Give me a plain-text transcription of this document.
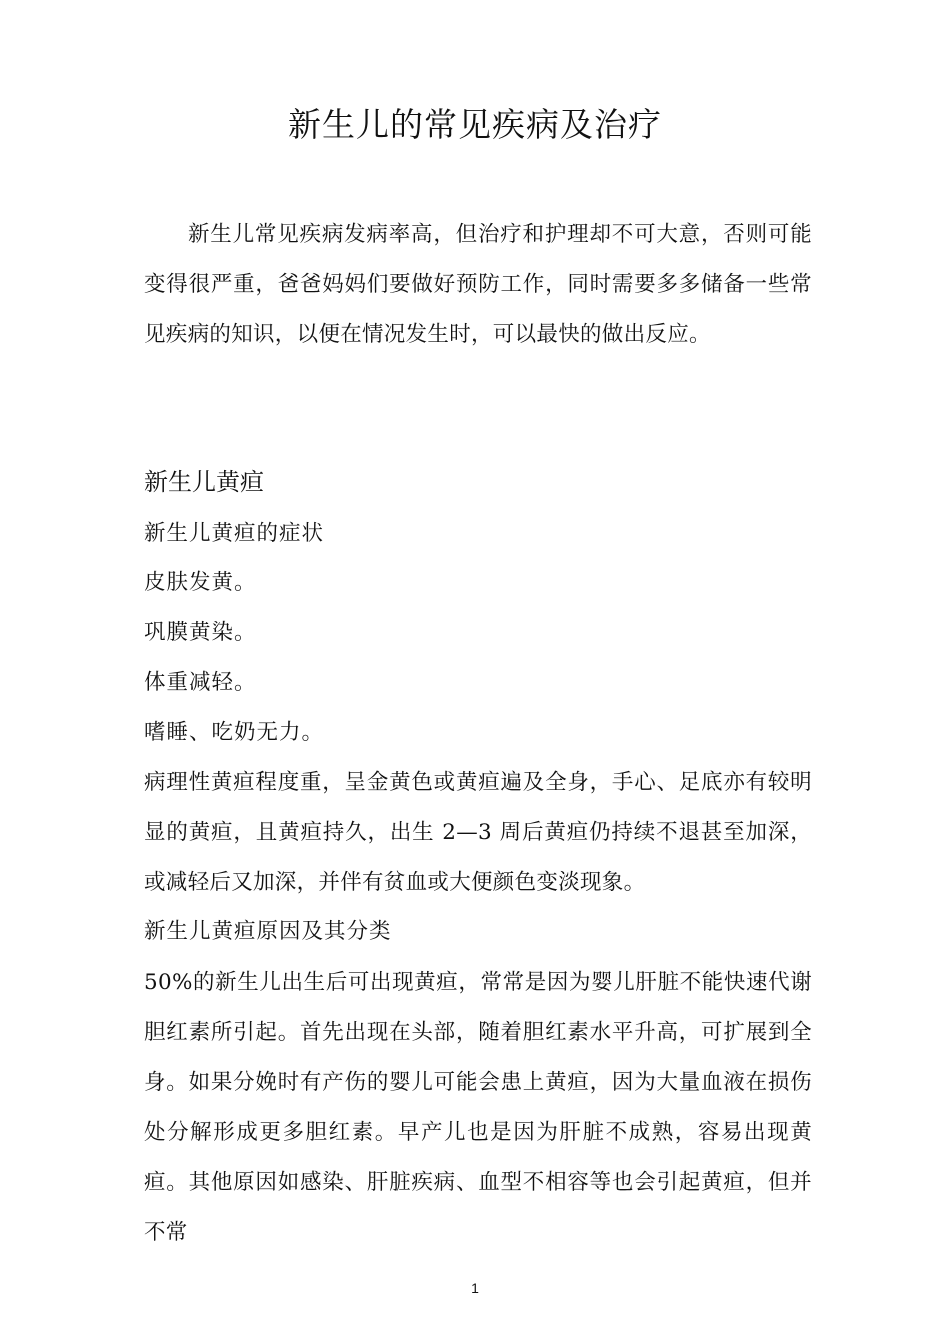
新生儿的常见疾病及治疗

新生儿常见疾病发病率高，但治疗和护理却不可大意，否则可能变得很严重，爸爸妈妈们要做好预防工作，同时需要多多储备一些常见疾病的知识，以便在情况发生时，可以最快的做出反应。

新生儿黄疸

新生儿黄疸的症状

皮肤发黄。

巩膜黄染。

体重减轻。

嗜睡、吃奶无力。

病理性黄疸程度重，呈金黄色或黄疸遍及全身，手心、足底亦有较明显的黄疸，且黄疸持久，出生 2—3 周后黄疸仍持续不退甚至加深，或减轻后又加深，并伴有贫血或大便颜色变淡现象。

新生儿黄疸原因及其分类

50%的新生儿出生后可出现黄疸，常常是因为婴儿肝脏不能快速代谢胆红素所引起。首先出现在头部，随着胆红素水平升高，可扩展到全身。如果分娩时有产伤的婴儿可能会患上黄疸，因为大量血液在损伤处分解形成更多胆红素。早产儿也是因为肝脏不成熟，容易出现黄疸。其他原因如感染、肝脏疾病、血型不相容等也会引起黄疸，但并不常

1
